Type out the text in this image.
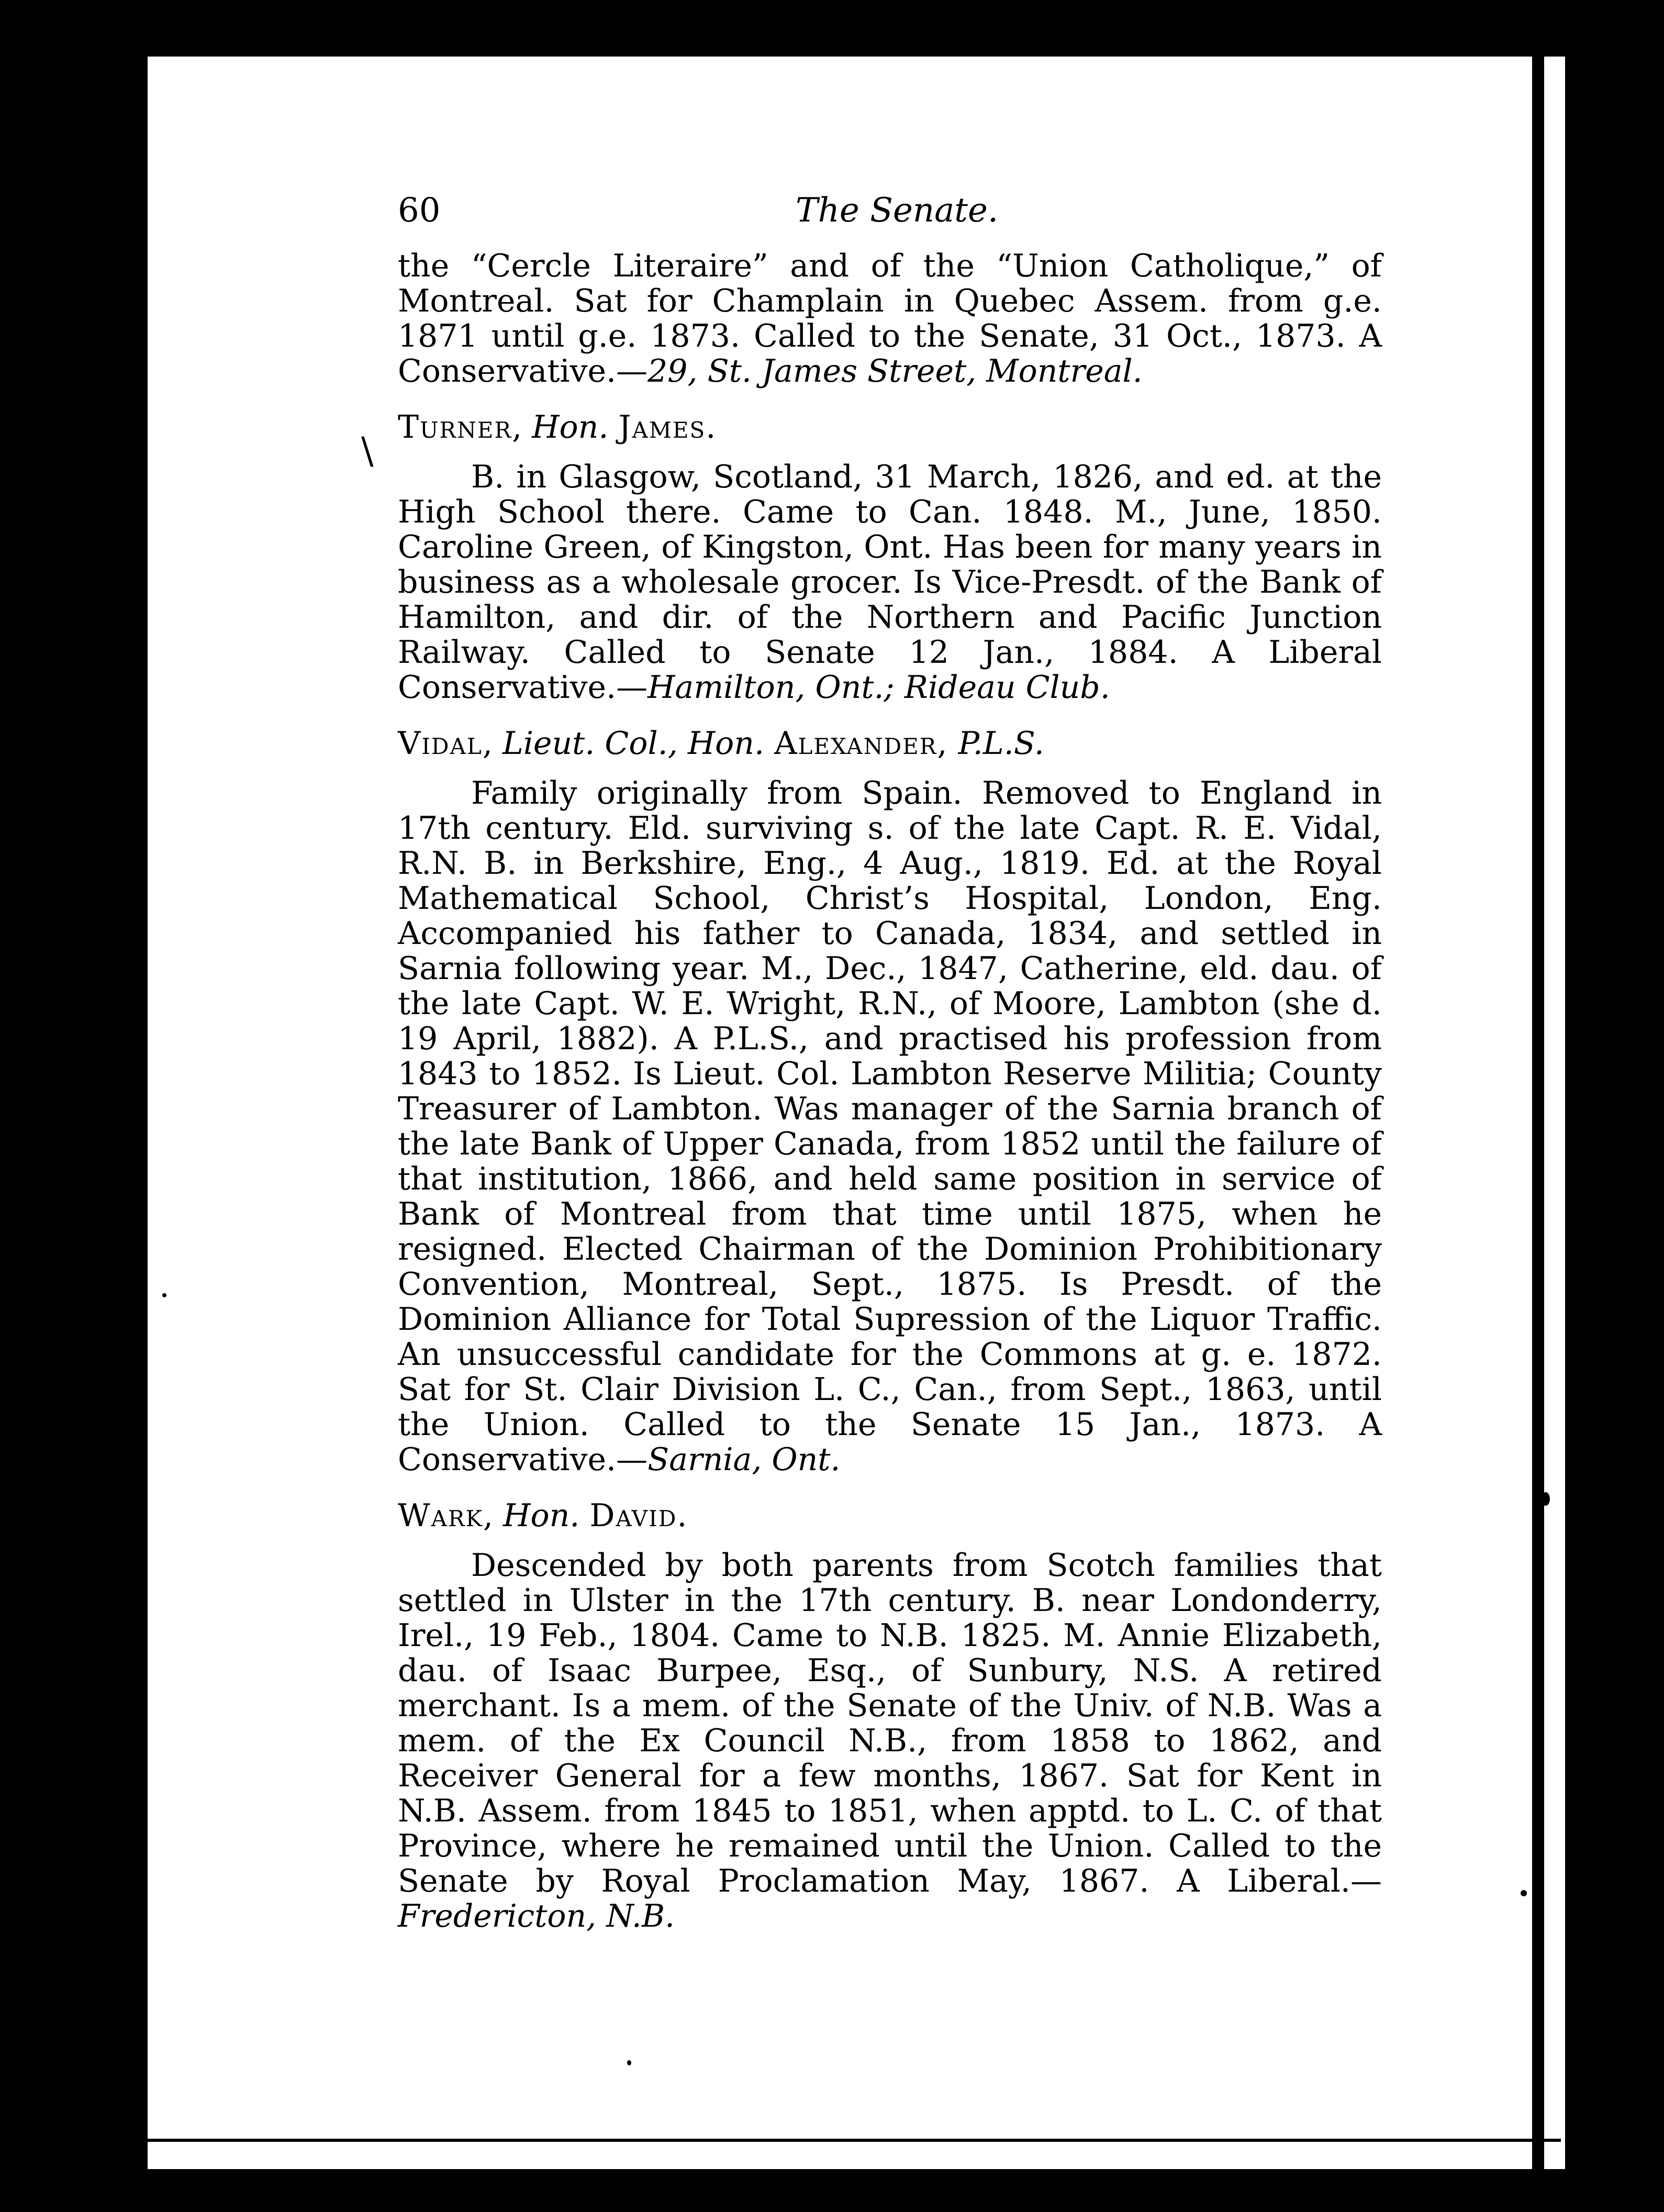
\
60	The Senate.

the “Cercle Literaire” and of the “Union Catholique,” of Montreal. Sat for Champlain in Quebec Assem. from g.e. 1871 until g.e. 1873. Called to the Senate, 31 Oct., 1873. A Conservative.—29, St. James Street, Montreal.

Turner, Hon. James.

B. in Glasgow, Scotland, 31 March, 1826, and ed. at the High School there. Came to Can. 1848. M., June, 1850. Caroline Green, of Kingston, Ont. Has been for many years in business as a wholesale grocer. Is Vice-Presdt. of the Bank of Hamilton, and dir. of the Northern and Pacific Junction Railway. Called to Senate 12 Jan., 1884. A Liberal Conservative.—Hamilton, Ont.; Rideau Club.

Vidal, Lieut. Col., Hon. Alexander, P.L.S.

Family originally from Spain. Removed to England in 17th century. Eld. surviving s. of the late Capt. R. E. Vidal, R.N. B. in Berkshire, Eng., 4 Aug., 1819. Ed. at the Royal Mathematical School, Christ’s Hospital, London, Eng. Accompanied his father to Canada, 1834, and settled in Sarnia following year. M., Dec., 1847, Catherine, eld. dau. of the late Capt. W. E. Wright, R.N., of Moore, Lambton (she d. 19 April, 1882). A P.L.S., and practised his profession from 1843 to 1852. Is Lieut. Col. Lambton Reserve Militia; County Treasurer of Lambton. Was manager of the Sarnia branch of the late Bank of Upper Canada, from 1852 until the failure of that institution, 1866, and held same position in service of Bank of Montreal from that time until 1875, when he resigned. Elected Chairman of the Dominion Prohibitionary Convention, Montreal, Sept., 1875. Is Presdt. of the Dominion Alliance for Total Supression of the Liquor Traffic. An unsuccessful candidate for the Commons at g. e. 1872. Sat for St. Clair Division L. C., Can., from Sept., 1863, until the Union. Called to the Senate 15 Jan., 1873. A Conservative.—Sarnia, Ont.

Wark, Hon. David.

Descended by both parents from Scotch families that settled in Ulster in the 17th century. B. near Londonderry, Irel., 19 Feb., 1804. Came to N.B. 1825. M. Annie Elizabeth, dau. of Isaac Burpee, Esq., of Sunbury, N.S. A retired merchant. Is a mem. of the Senate of the Univ. of N.B. Was a mem. of the Ex Council N.B., from 1858 to 1862, and Receiver General for a few months, 1867. Sat for Kent in N.B. Assem. from 1845 to 1851, when apptd. to L. C. of that Province, where he remained until the Union. Called to the Senate by Royal Proclamation May, 1867. A Liberal.—Fredericton, N.B.
